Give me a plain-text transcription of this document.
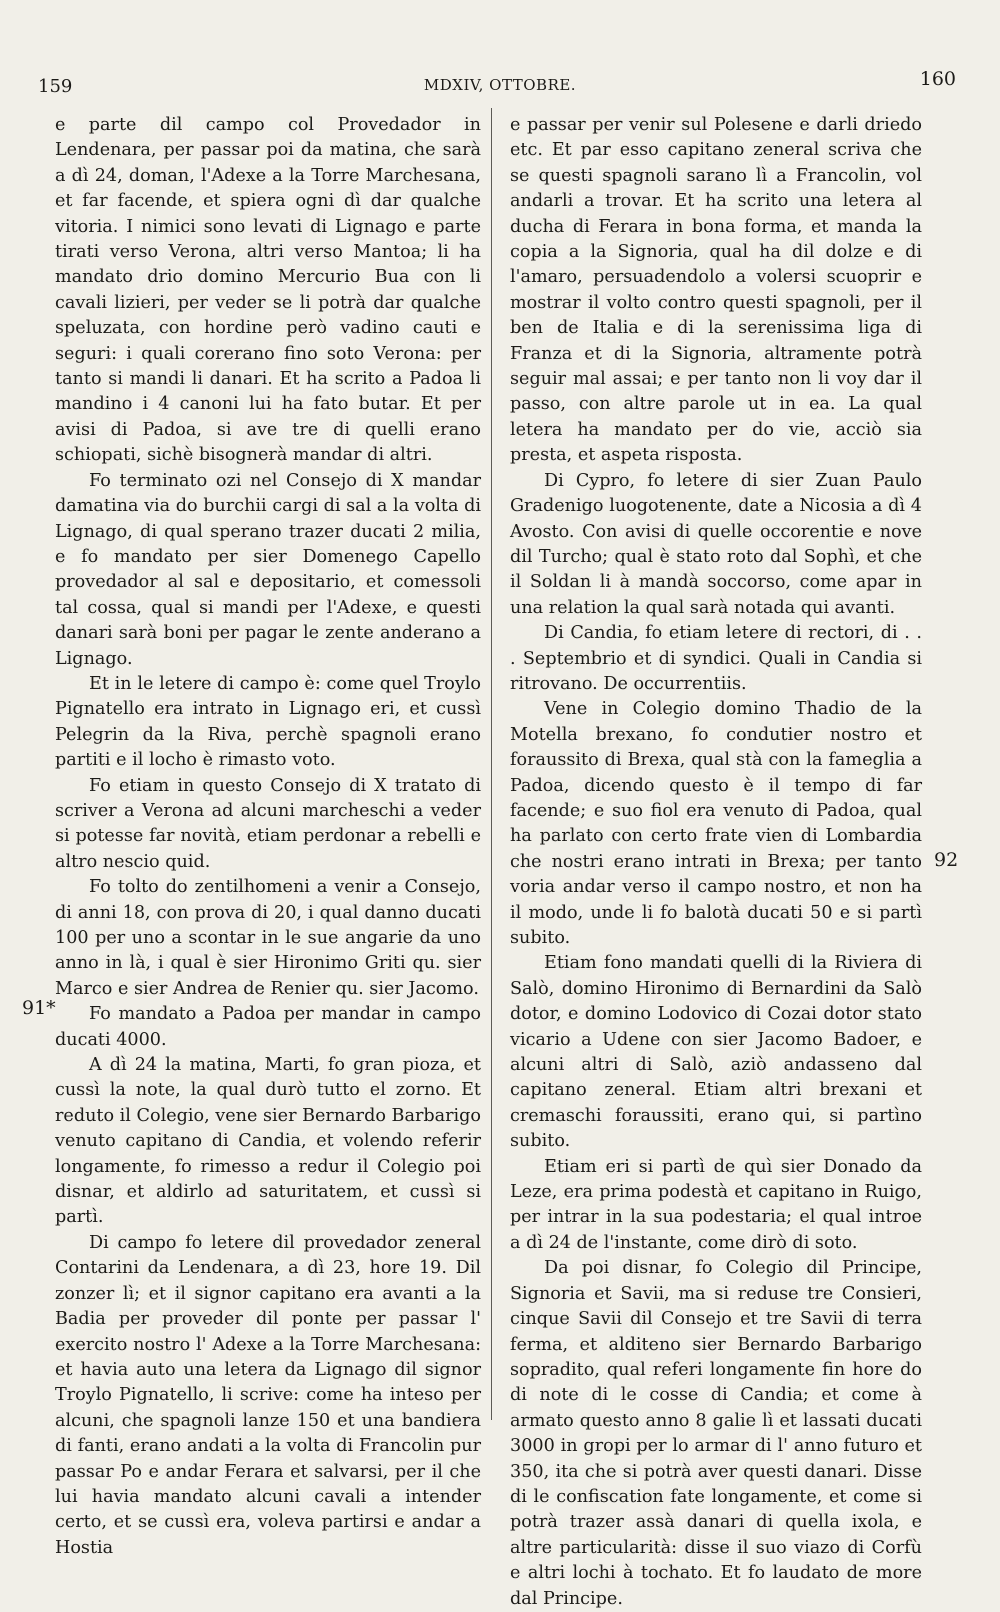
159	MDXIV, OTTOBRE.	160

e parte dil campo col Provedador in Lendenara, per passar poi da matina, che sarà a dì 24, doman, l'Adexe a la Torre Marchesana, et far facende, et spiera ogni dì dar qualche vitoria. I nimici sono levati di Lignago e parte tirati verso Verona, altri verso Mantoa; li ha mandato drio domino Mercurio Bua con li cavali lizieri, per veder se li potrà dar qualche speluzata, con hordine però vadino cauti e seguri: i quali corerano fino soto Verona: per tanto si mandi li danari. Et ha scrito a Padoa li mandino i 4 canoni lui ha fato butar. Et per avisi di Padoa, si ave tre di quelli erano schiopati, sichè bisognerà mandar di altri.

Fo terminato ozi nel Consejo di X mandar damatina via do burchii cargi di sal a la volta di Lignago, di qual sperano trazer ducati 2 milia, e fo mandato per sier Domenego Capello provedador al sal e depositario, et comessoli tal cossa, qual si mandi per l'Adexe, e questi danari sarà boni per pagar le zente anderano a Lignago.

Et in le letere di campo è: come quel Troylo Pignatello era intrato in Lignago eri, et cussì Pelegrin da la Riva, perchè spagnoli erano partiti e il locho è rimasto voto.

Fo etiam in questo Consejo di X tratato di scriver a Verona ad alcuni marcheschi a veder si potesse far novità, etiam perdonar a rebelli e altro nescio quid.

Fo tolto do zentilhomeni a venir a Consejo, di anni 18, con prova di 20, i qual danno ducati 100 per uno a scontar in le sue angarie da uno anno in là, i qual è sier Hironimo Griti qu. sier Marco e sier Andrea de Renier qu. sier Jacomo.

Fo mandato a Padoa per mandar in campo ducati 4000.

A dì 24 la matina, Marti, fo gran pioza, et cussì la note, la qual durò tutto el zorno. Et reduto il Colegio, vene sier Bernardo Barbarigo venuto capitano di Candia, et volendo referir longamente, fo rimesso a redur il Colegio poi disnar, et aldirlo ad saturitatem, et cussì si partì.

Di campo fo letere dil provedador zeneral Contarini da Lendenara, a dì 23, hore 19. Dil zonzer lì; et il signor capitano era avanti a la Badia per proveder dil ponte per passar l' exercito nostro l' Adexe a la Torre Marchesana: et havia auto una letera da Lignago dil signor Troylo Pignatello, li scrive: come ha inteso per alcuni, che spagnoli lanze 150 et una bandiera di fanti, erano andati a la volta di Francolin pur passar Po e andar Ferara et salvarsi, per il che lui havia mandato alcuni cavali a intender certo, et se cussì era, voleva partirsi e andar a Hostia

e passar per venir sul Polesene e darli driedo etc. Et par esso capitano zeneral scriva che se questi spagnoli sarano lì a Francolin, vol andarli a trovar. Et ha scrito una letera al ducha di Ferara in bona forma, et manda la copia a la Signoria, qual ha dil dolze e di l'amaro, persuadendolo a volersi scuoprir e mostrar il volto contro questi spagnoli, per il ben de Italia e di la serenissima liga di Franza et di la Signoria, altramente potrà seguir mal assai; e per tanto non li voy dar il passo, con altre parole ut in ea. La qual letera ha mandato per do vie, acciò sia presta, et aspeta risposta.

Di Cypro, fo letere di sier Zuan Paulo Gradenigo luogotenente, date a Nicosia a dì 4 Avosto. Con avisi di quelle occorentie e nove dil Turcho; qual è stato roto dal Sophì, et che il Soldan li à mandà soccorso, come apar in una relation la qual sarà notada qui avanti.

Di Candia, fo etiam letere di rectori, di . . . Septembrio et di syndici. Quali in Candia si ritrovano. De occurrentiis.

Vene in Colegio domino Thadio de la Motella brexano, fo condutier nostro et foraussito di Brexa, qual stà con la fameglia a Padoa, dicendo questo è il tempo di far facende; e suo fiol era venuto di Padoa, qual ha parlato con certo frate vien di Lombardia che nostri erano intrati in Brexa; per tanto voria andar verso il campo nostro, et non ha il modo, unde li fo balotà ducati 50 e si partì subito.

Etiam fono mandati quelli di la Riviera di Salò, domino Hironimo di Bernardini da Salò dotor, e domino Lodovico di Cozai dotor stato vicario a Udene con sier Jacomo Badoer, e alcuni altri di Salò, aziò andasseno dal capitano zeneral. Etiam altri brexani et cremaschi foraussiti, erano qui, si partìno subito.

Etiam eri si partì de quì sier Donado da Leze, era prima podestà et capitano in Ruigo, per intrar in la sua podestaria; el qual introe a dì 24 de l'instante, come dirò di soto.

Da poi disnar, fo Colegio dil Principe, Signoria et Savii, ma si reduse tre Consieri, cinque Savii dil Consejo et tre Savii di terra ferma, et alditeno sier Bernardo Barbarigo sopradito, qual referi longamente fin hore do di note di le cosse di Candia; et come à armato questo anno 8 galie lì et lassati ducati 3000 in gropi per lo armar di l' anno futuro et 350, ita che si potrà aver questi danari. Disse di le confiscation fate longamente, et come si potrà trazer assà danari di quella ixola, e altre particularità: disse il suo viazo di Corfù e altri lochi à tochato. Et fo laudato de more dal Principe.

91*
92
